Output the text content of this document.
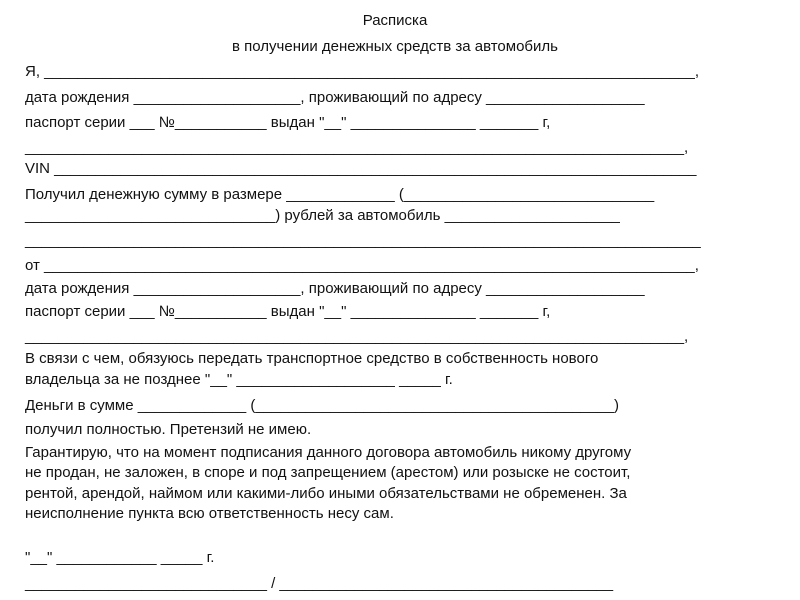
Расписка
в получении денежных средств за автомобиль
Я, ______________________________________________________________________________,
дата рождения ____________________, проживающий по адресу ___________________
паспорт серии ___ №___________ выдан "__" _______________ _______ г,
_______________________________________________________________________________,
VIN _____________________________________________________________________________
Получил денежную сумму в размере _____________ (______________________________
______________________________) рублей за автомобиль _____________________
_________________________________________________________________________________
от ______________________________________________________________________________,
дата рождения ____________________, проживающий по адресу ___________________
паспорт серии ___ №___________ выдан "__" _______________ _______ г,
_______________________________________________________________________________,
В связи с чем, обязуюсь передать транспортное средство в собственность нового
владельца за не позднее "__" ___________________ _____ г.
Деньги в сумме _____________ (___________________________________________)
получил полностью. Претензий не имею.
Гарантирую, что на момент подписания данного договора автомобиль никому другому
не продан, не заложен, в споре и под запрещением (арестом) или розыске не состоит,
рентой, арендой, наймом или какими-либо иными обязательствами не обременен. За
неисполнение пункта всю ответственность несу сам.
"__" ____________ _____ г.
_____________________________ / ________________________________________
